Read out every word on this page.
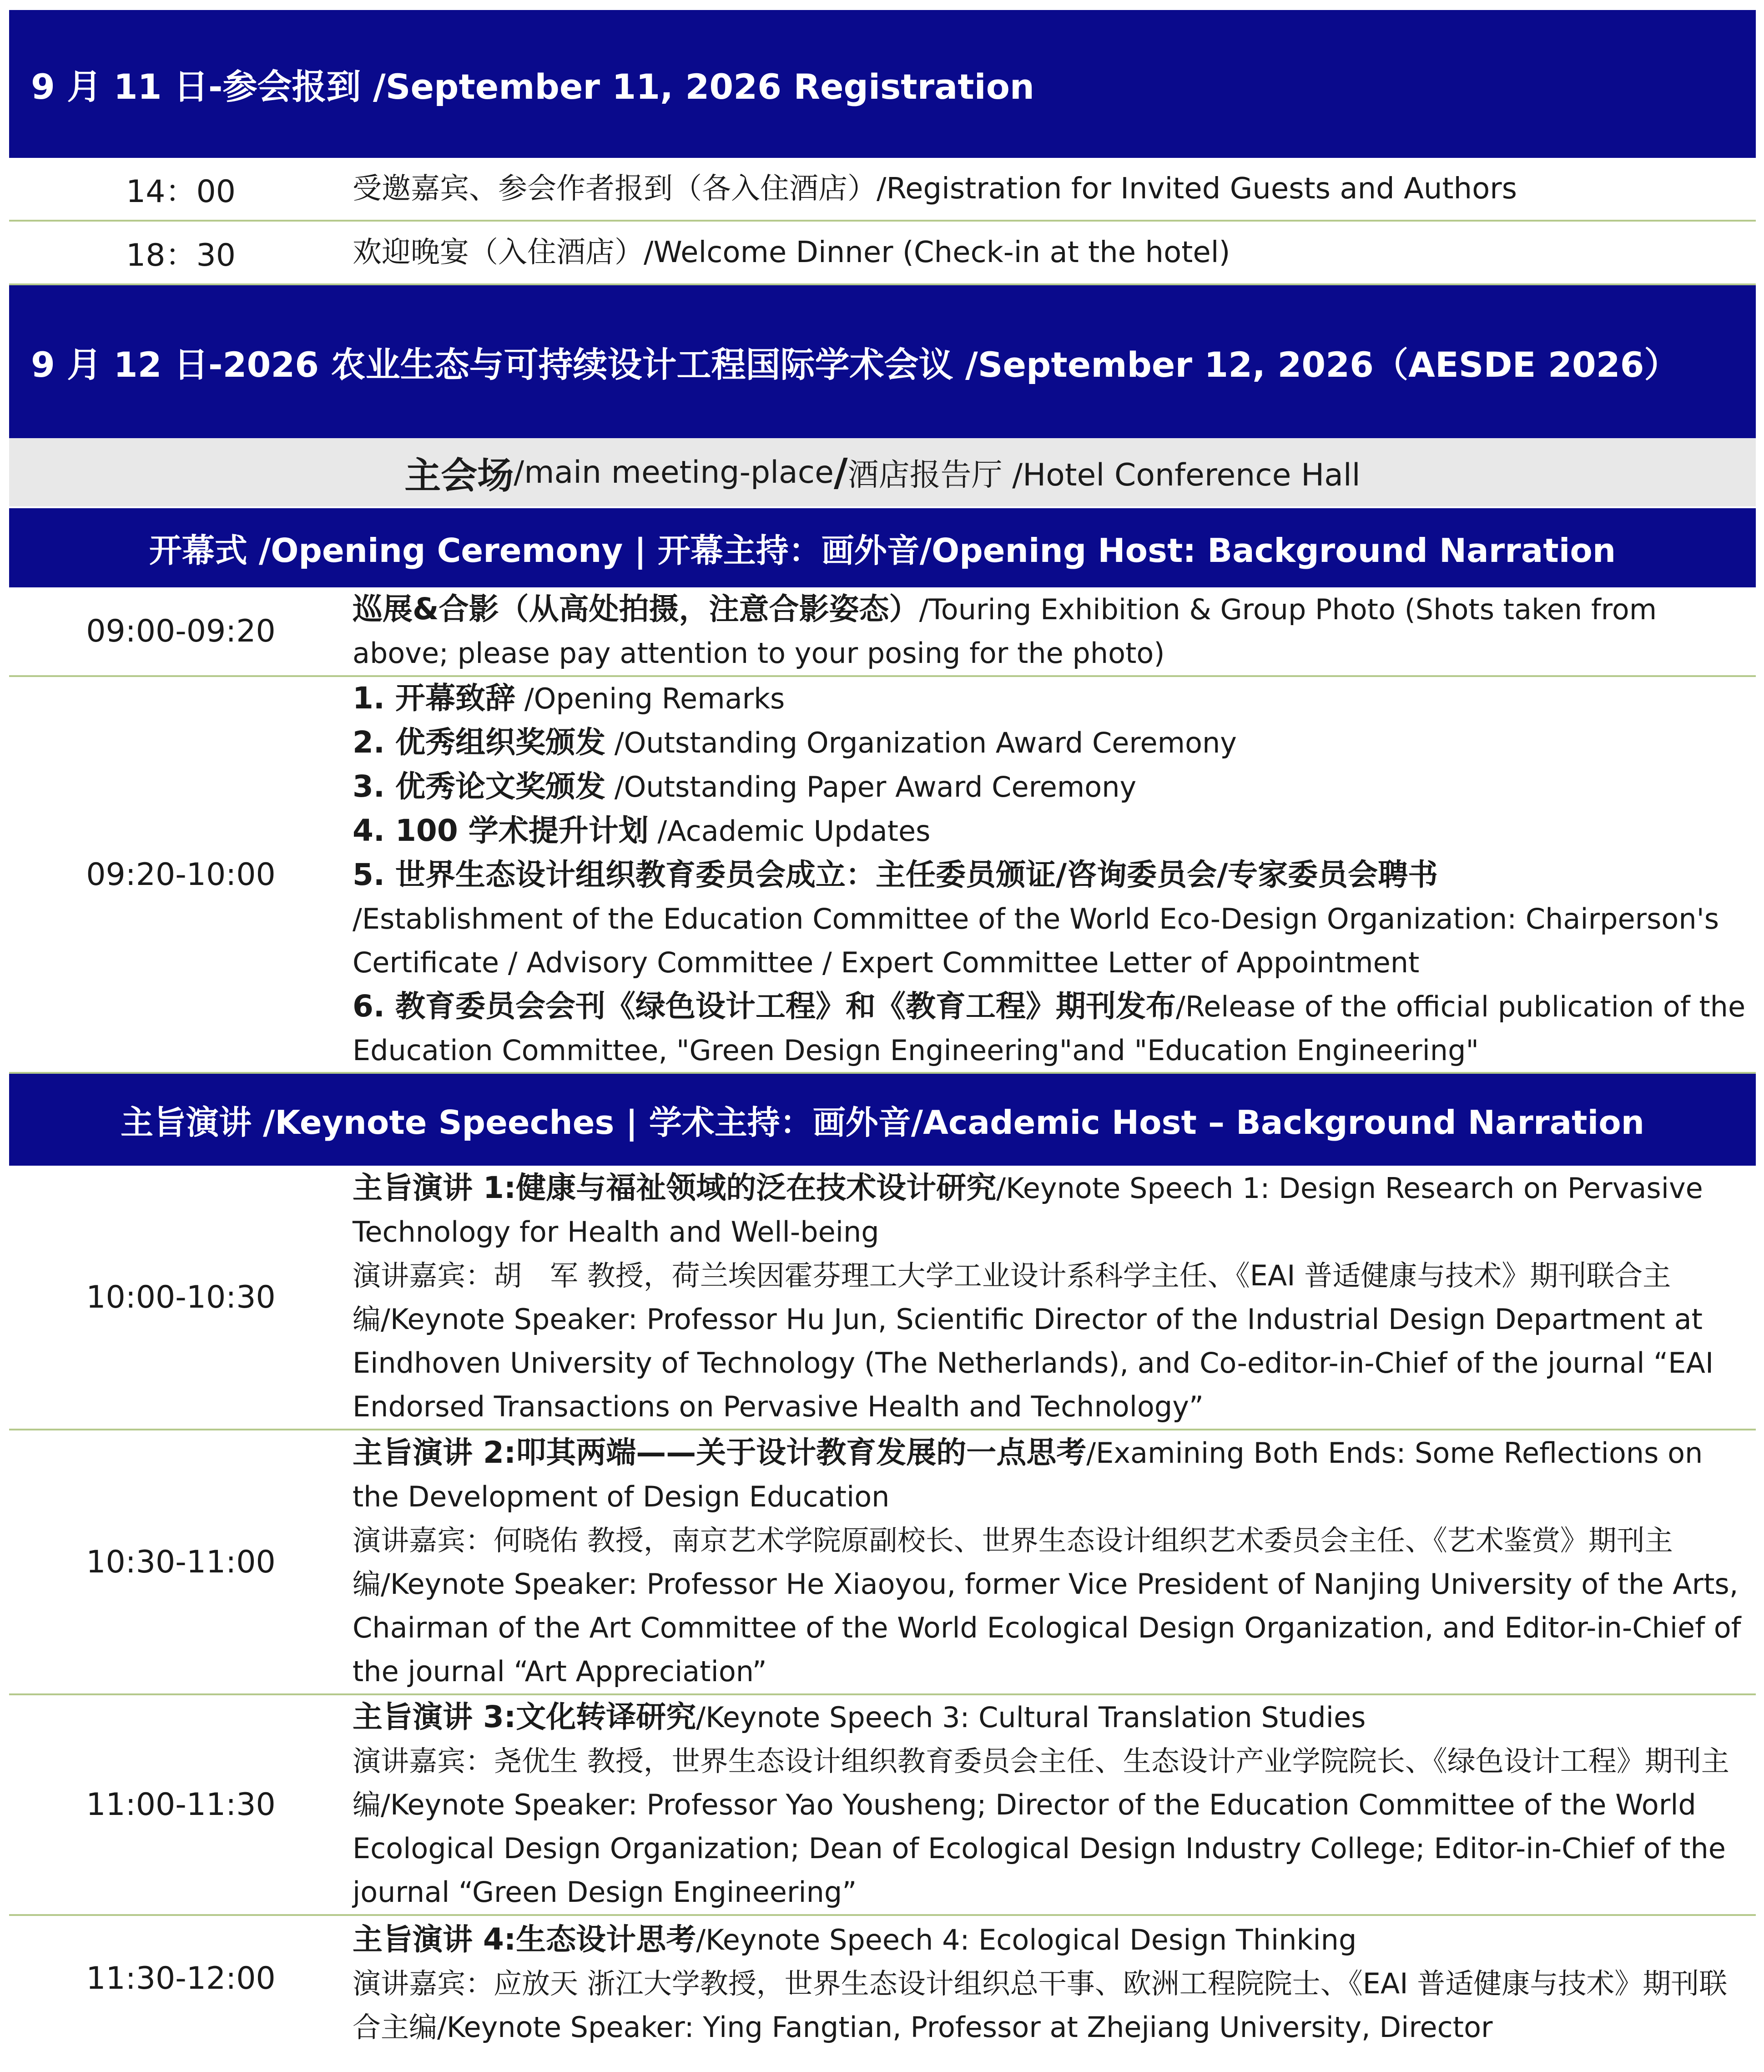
9 月 11 日-参会报到 /September 11, 2026 Registration
14：00	受邀嘉宾、参会作者报到（各入住酒店）/Registration for Invited Guests and Authors
18：30	欢迎晚宴（入住酒店）/Welcome Dinner (Check-in at the hotel)
9 月 12 日-2026 农业生态与可持续设计工程国际学术会议 /September 12, 2026（AESDE 2026）
主会场 /main meeting-place / 酒店报告厅 /Hotel Conference Hall
开幕式 /Opening Ceremony | 开幕主持：画外音/Opening Host: Background Narration
09:00-09:20
巡展&合影（从高处拍摄，注意合影姿态）/Touring Exhibition & Group Photo (Shots taken from above; please pay attention to your posing for the photo)
09:20-10:00
1. 开幕致辞 /Opening Remarks
2. 优秀组织奖颁发 /Outstanding Organization Award Ceremony
3. 优秀论文奖颁发 /Outstanding Paper Award Ceremony
4. 100 学术提升计划 /Academic Updates
5. 世界生态设计组织教育委员会成立：主任委员颁证/咨询委员会/专家委员会聘书
/Establishment of the Education Committee of the World Eco-Design Organization: Chairperson's Certificate / Advisory Committee / Expert Committee Letter of Appointment
6. 教育委员会会刊《绿色设计工程》和《教育工程》期刊发布/Release of the official publication of the Education Committee, "Green Design Engineering"and "Education Engineering"
主旨演讲 /Keynote Speeches | 学术主持：画外音/Academic Host – Background Narration
10:00-10:30
主旨演讲 1:健康与福祉领域的泛在技术设计研究/Keynote Speech 1: Design Research on Pervasive Technology for Health and Well-being
演讲嘉宾：胡　军 教授，荷兰埃因霍芬理工大学工业设计系科学主任、《EAI 普适健康与技术》期刊联合主编/Keynote Speaker: Professor Hu Jun, Scientific Director of the Industrial Design Department at Eindhoven University of Technology (The Netherlands), and Co-editor-in-Chief of the journal “EAI Endorsed Transactions on Pervasive Health and Technology”
10:30-11:00
主旨演讲 2:叩其两端——关于设计教育发展的一点思考/Examining Both Ends: Some Reflections on the Development of Design Education
演讲嘉宾：何晓佑 教授，南京艺术学院原副校长、世界生态设计组织艺术委员会主任、《艺术鉴赏》期刊主编/Keynote Speaker: Professor He Xiaoyou, former Vice President of Nanjing University of the Arts, Chairman of the Art Committee of the World Ecological Design Organization, and Editor-in-Chief of the journal “Art Appreciation”
11:00-11:30
主旨演讲 3:文化转译研究/Keynote Speech 3: Cultural Translation Studies
演讲嘉宾：尧优生 教授，世界生态设计组织教育委员会主任、生态设计产业学院院长、《绿色设计工程》期刊主编/Keynote Speaker: Professor Yao Yousheng; Director of the Education Committee of the World Ecological Design Organization; Dean of Ecological Design Industry College; Editor-in-Chief of the journal “Green Design Engineering”
11:30-12:00
主旨演讲 4:生态设计思考/Keynote Speech 4: Ecological Design Thinking
演讲嘉宾：应放天 浙江大学教授，世界生态设计组织总干事、欧洲工程院院士、《EAI 普适健康与技术》期刊联合主编/Keynote Speaker: Ying Fangtian, Professor at Zhejiang University, Director
